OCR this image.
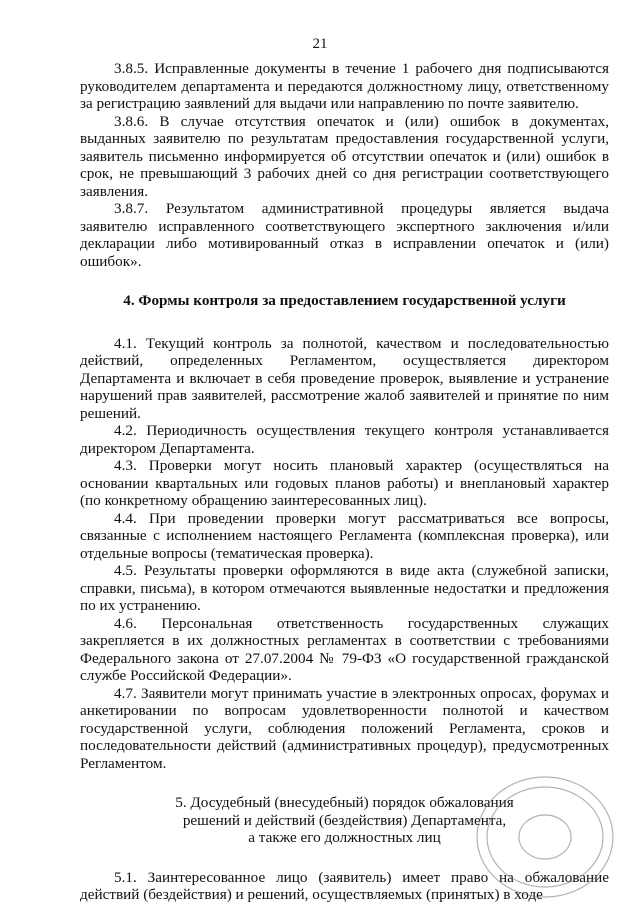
21

3.8.5. Исправленные документы в течение 1 рабочего дня подписываются руководителем департамента и передаются должностному лицу, ответственному за регистрацию заявлений для выдачи или направлению по почте заявителю.

3.8.6. В случае отсутствия опечаток и (или) ошибок в документах, выданных заявителю по результатам предоставления государственной услуги, заявитель письменно информируется об отсутствии опечаток и (или) ошибок в срок, не превышающий 3 рабочих дней со дня регистрации соответствующего заявления.

3.8.7. Результатом административной процедуры является выдача заявителю исправленного соответствующего экспертного заключения и/или декларации либо мотивированный отказ в исправлении опечаток и (или) ошибок».

4. Формы контроля за предоставлением государственной услуги

4.1. Текущий контроль за полнотой, качеством и последовательностью действий, определенных Регламентом, осуществляется директором Департамента и включает в себя проведение проверок, выявление и устранение нарушений прав заявителей, рассмотрение жалоб заявителей и принятие по ним решений.

4.2. Периодичность осуществления текущего контроля устанавливается директором Департамента.

4.3. Проверки могут носить плановый характер (осуществляться на основании квартальных или годовых планов работы) и внеплановый характер (по конкретному обращению заинтересованных лиц).

4.4. При проведении проверки могут рассматриваться все вопросы, связанные с исполнением настоящего Регламента (комплексная проверка), или отдельные вопросы (тематическая проверка).

4.5. Результаты проверки оформляются в виде акта (служебной записки, справки, письма), в котором отмечаются выявленные недостатки и предложения по их устранению.

4.6. Персональная ответственность государственных служащих закрепляется в их должностных регламентах в соответствии с требованиями Федерального закона от 27.07.2004 № 79-ФЗ «О государственной гражданской службе Российской Федерации».

4.7. Заявители могут принимать участие в электронных опросах, форумах и анкетировании по вопросам удовлетворенности полнотой и качеством государственной услуги, соблюдения положений Регламента, сроков и последовательности действий (административных процедур), предусмотренных Регламентом.

5. Досудебный (внесудебный) порядок обжалования
решений и действий (бездействия) Департамента,
а также его должностных лиц

5.1. Заинтересованное лицо (заявитель) имеет право на обжалование действий (бездействия) и решений, осуществляемых (принятых) в ходе
